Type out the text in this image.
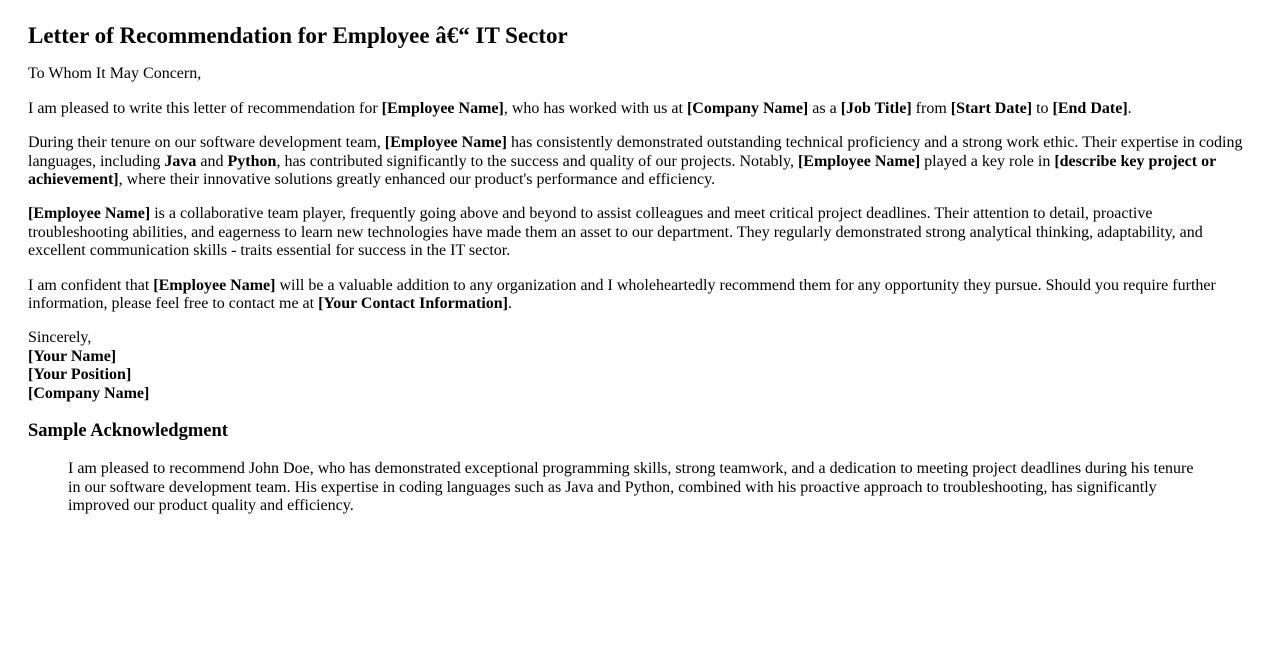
Letter of Recommendation for Employee â€“ IT Sector

To Whom It May Concern,

I am pleased to write this letter of recommendation for [Employee Name], who has worked with us at [Company Name] as a [Job Title] from [Start Date] to [End Date].

During their tenure on our software development team, [Employee Name] has consistently demonstrated outstanding technical proficiency and a strong work ethic. Their expertise in coding languages, including Java and Python, has contributed significantly to the success and quality of our projects. Notably, [Employee Name] played a key role in [describe key project or achievement], where their innovative solutions greatly enhanced our product's performance and efficiency.

[Employee Name] is a collaborative team player, frequently going above and beyond to assist colleagues and meet critical project deadlines. Their attention to detail, proactive troubleshooting abilities, and eagerness to learn new technologies have made them an asset to our department. They regularly demonstrated strong analytical thinking, adaptability, and excellent communication skills - traits essential for success in the IT sector.

I am confident that [Employee Name] will be a valuable addition to any organization and I wholeheartedly recommend them for any opportunity they pursue. Should you require further information, please feel free to contact me at [Your Contact Information].

Sincerely,
[Your Name]
[Your Position]
[Company Name]

Sample Acknowledgment

I am pleased to recommend John Doe, who has demonstrated exceptional programming skills, strong teamwork, and a dedication to meeting project deadlines during his tenure in our software development team. His expertise in coding languages such as Java and Python, combined with his proactive approach to troubleshooting, has significantly improved our product quality and efficiency.
